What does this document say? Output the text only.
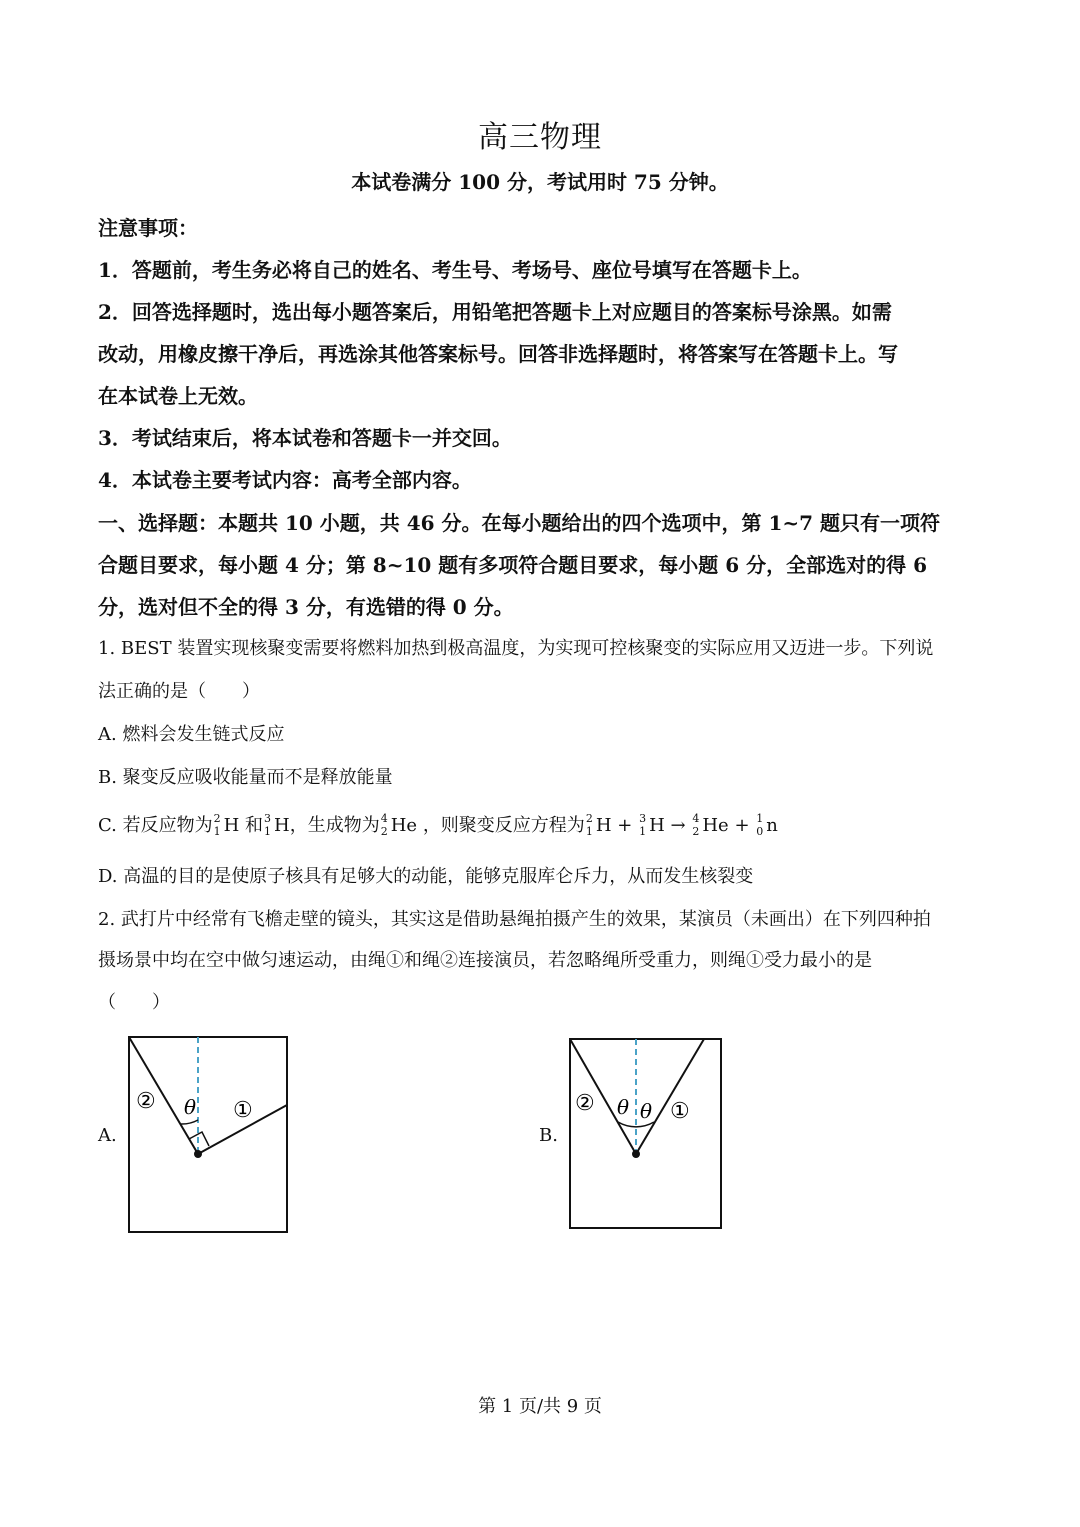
高三物理
本试卷满分 100 分，考试用时 75 分钟。
注意事项：
1．答题前，考生务必将自己的姓名、考生号、考场号、座位号填写在答题卡上。
2．回答选择题时，选出每小题答案后，用铅笔把答题卡上对应题目的答案标号涂黑。如需
改动，用橡皮擦干净后，再选涂其他答案标号。回答非选择题时，将答案写在答题卡上。写
在本试卷上无效。
3．考试结束后，将本试卷和答题卡一并交回。
4．本试卷主要考试内容：高考全部内容。
一、选择题：本题共 10 小题，共 46 分。在每小题给出的四个选项中，第 1~7 题只有一项符
合题目要求，每小题 4 分；第 8~10 题有多项符合题目要求，每小题 6 分，全部选对的得 6
分，选对但不全的得 3 分，有选错的得 0 分。
1. BEST 装置实现核聚变需要将燃料加热到极高温度，为实现可控核聚变的实际应用又迈进一步。下列说
法正确的是（　　）
A. 燃料会发生链式反应
B. 聚变反应吸收能量而不是释放能量
C. 若反应物为 2
1 H 和 3
1 H，生成物为 4
2 He ，则聚变反应方程为 2
1 H + 3
1 H → 4
2 He + 1
0 n
D. 高温的目的是使原子核具有足够大的动能，能够克服库仑斥力，从而发生核裂变
2. 武打片中经常有飞檐走壁的镜头，其实这是借助悬绳拍摄产生的效果，某演员（未画出）在下列四种拍
摄场景中均在空中做匀速运动，由绳①和绳②连接演员，若忽略绳所受重力，则绳①受力最小的是
（　　）
A.
θ
②	①
B.
θ θ
②	①
第 1 页/共 9 页
